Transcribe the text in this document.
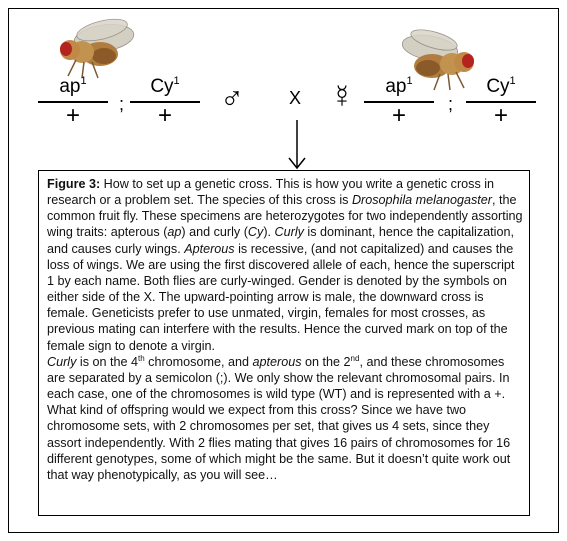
$ap^1$
+	;
$Cy^1$
+	♂	X ☿	$ap^1$
+	;
$Cy^1$
+

Figure 3: How to set up a genetic cross. This is how you write a genetic cross in research or a problem set. The species of this cross is Drosophila melanogaster, the common fruit fly. These specimens are heterozygotes for two independently assorting wing traits: apterous (ap) and curly (Cy). Curly is dominant, hence the capitalization, and causes curly wings. Apterous is recessive, (and not capitalized) and causes the loss of wings. We are using the first discovered allele of each, hence the superscript 1 by each name. Both flies are curly-winged. Gender is denoted by the symbols on either side of the X. The upward-pointing arrow is male, the downward cross is female. Geneticists prefer to use unmated, virgin, females for most crosses, as previous mating can interfere with the results. Hence the curved mark on top of the female sign to denote a virgin.

Curly is on the 4th chromosome, and apterous on the 2nd, and these chromosomes are separated by a semicolon (;). We only show the relevant chromosomal pairs. In each case, one of the chromosomes is wild type (WT) and is represented with a +.

What kind of offspring would we expect from this cross? Since we have two chromosome sets, with 2 chromosomes per set, that gives us 4 sets, since they assort independently. With 2 flies mating that gives 16 pairs of chromosomes for 16 different genotypes, some of which might be the same. But it doesn’t quite work out that way phenotypically, as you will see…
